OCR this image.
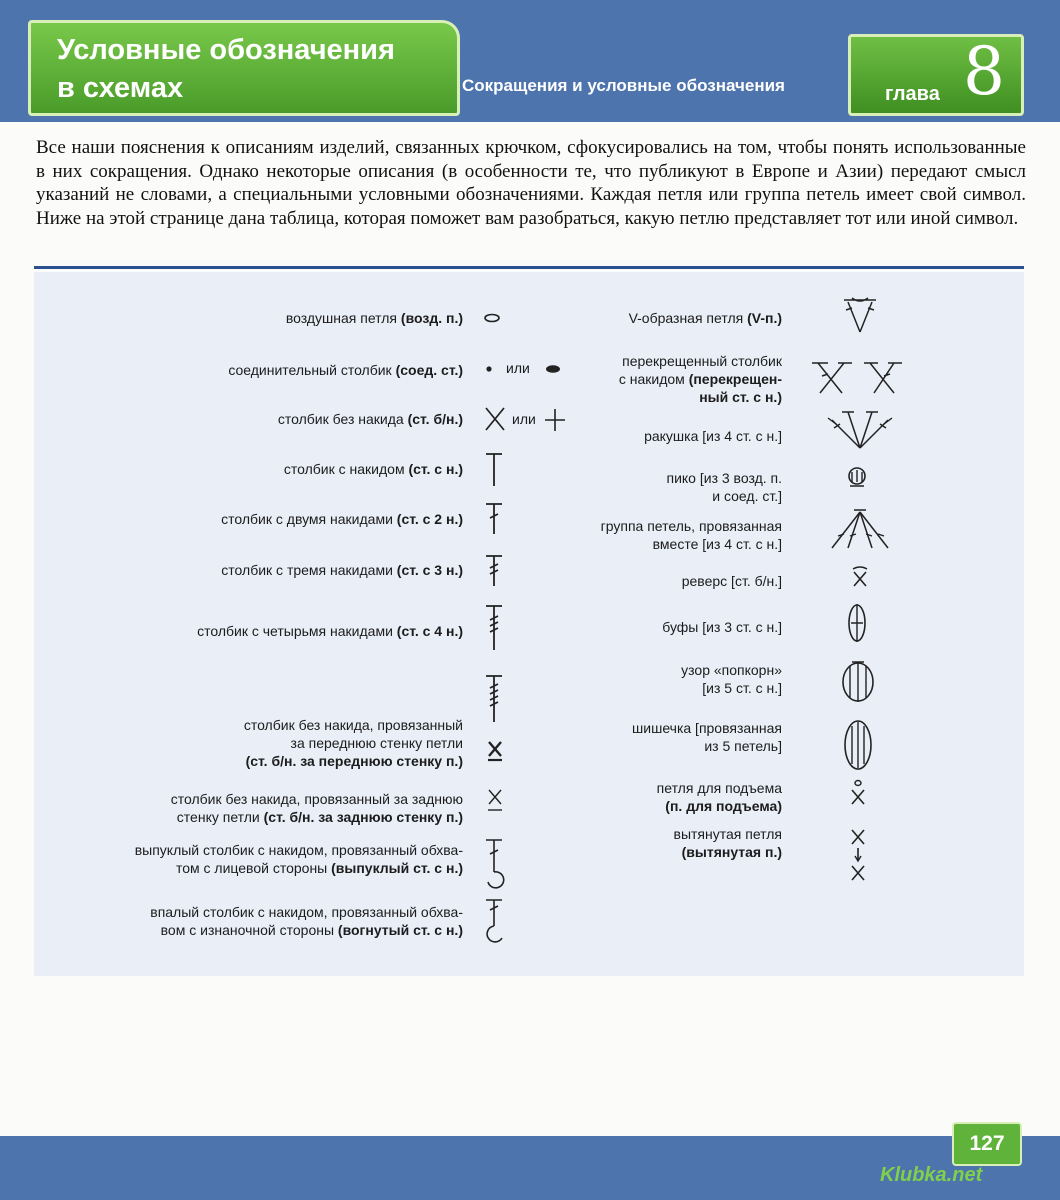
Условные обозначения
в схемах	Сокращения и условные обозначения	глава 8
Все наши пояснения к описаниям изделий, связанных крючком, сфокусировались на том, чтобы понять использованные в них сокращения. Однако некоторые описания (в особенности те, что публикуют в Европе и Азии) передают смысл указаний не словами, а специальными условными обозначениями. Каждая петля или группа петель имеет свой символ. Ниже на этой странице дана таблица, которая поможет вам разобраться, какую петлю представляет тот или иной символ.
воздушная петля (возд. п.)
соединительный столбик (соед. ст.)
столбик без накида (ст. б/н.)
столбик с накидом (ст. с н.)
столбик с двумя накидами (ст. с 2 н.)
столбик с тремя накидами (ст. с 3 н.)
столбик с четырьмя накидами (ст. с 4 н.)
столбик без накида, провязанный
за переднюю стенку петли
(ст. б/н. за переднюю стенку п.)
столбик без накида, провязанный за заднюю
стенку петли (ст. б/н. за заднюю стенку п.)
выпуклый столбик с накидом, провязанный обхва-
том с лицевой стороны (выпуклый ст. с н.)
впалый столбик с накидом, провязанный обхва-
вом с изнаночной стороны (вогнутый ст. с н.)
V-образная петля (V-п.)
перекрещенный столбик
с накидом (перекрещен-
ный ст. с н.)
ракушка [из 4 ст. с н.]
пико [из 3 возд. п.
и соед. ст.]
группа петель, провязанная
вместе [из 4 ст. с н.]
реверс [ст. б/н.]
буфы [из 3 ст. с н.]
узор «попкорн»
[из 5 ст. с н.]
шишечка [провязанная
из 5 петель]
петля для подъема
(п. для подъема)
вытянутая петля
(вытянутая п.)
или
или
127
Klubka.net
